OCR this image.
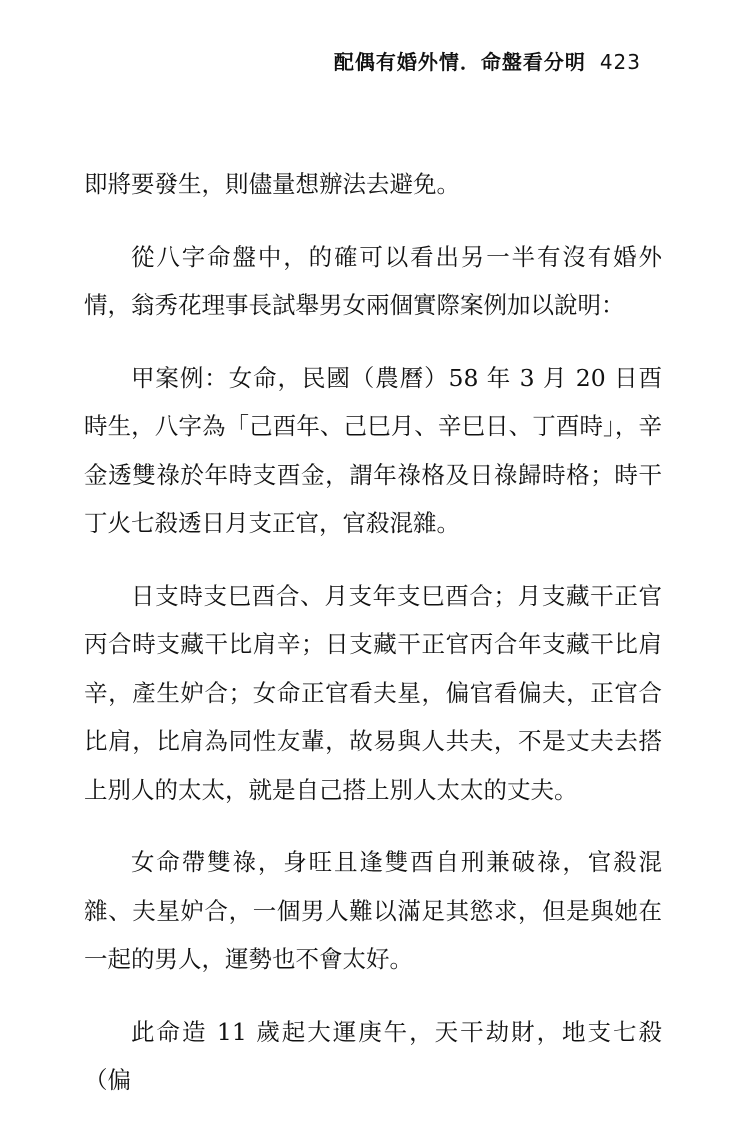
配偶有婚外情．命盤看分明 423

即將要發生，則儘量想辦法去避免。

從八字命盤中，的確可以看出另一半有沒有婚外情，翁秀花理事長試舉男女兩個實際案例加以說明：

甲案例：女命，民國（農曆）58 年 3 月 20 日酉時生，八字為「己酉年、己巳月、辛巳日、丁酉時」，辛金透雙祿於年時支酉金，謂年祿格及日祿歸時格；時干丁火七殺透日月支正官，官殺混雜。

日支時支巳酉合、月支年支巳酉合；月支藏干正官丙合時支藏干比肩辛；日支藏干正官丙合年支藏干比肩辛，產生妒合；女命正官看夫星，偏官看偏夫，正官合比肩，比肩為同性友輩，故易與人共夫，不是丈夫去搭上別人的太太，就是自己搭上別人太太的丈夫。

女命帶雙祿，身旺且逢雙酉自刑兼破祿，官殺混雜、夫星妒合，一個男人難以滿足其慾求，但是與她在一起的男人，運勢也不會太好。

此命造 11 歲起大運庚午，天干劫財，地支七殺（偏
